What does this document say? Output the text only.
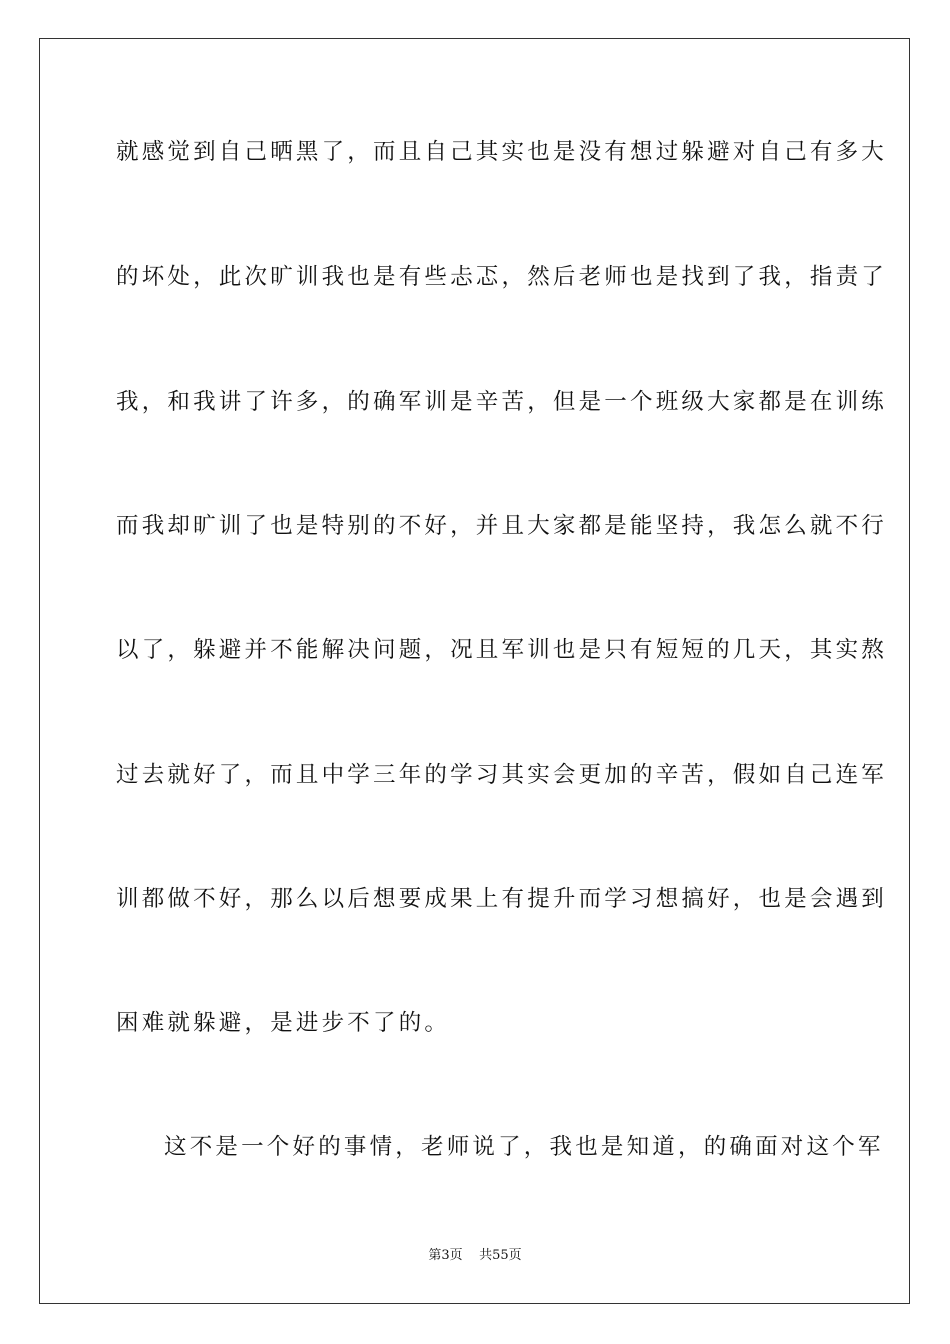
就感觉到自己晒黑了，而且自己其实也是没有想过躲避对自己有多大
的坏处，此次旷训我也是有些忐忑，然后老师也是找到了我，指责了
我，和我讲了许多，的确军训是辛苦，但是一个班级大家都是在训练
而我却旷训了也是特别的不好，并且大家都是能坚持，我怎么就不行
以了，躲避并不能解决问题，况且军训也是只有短短的几天，其实熬
过去就好了，而且中学三年的学习其实会更加的辛苦，假如自己连军
训都做不好，那么以后想要成果上有提升而学习想搞好，也是会遇到
困难就躲避，是进步不了的。
这不是一个好的事情，老师说了，我也是知道，的确面对这个军
第3页 共55页
